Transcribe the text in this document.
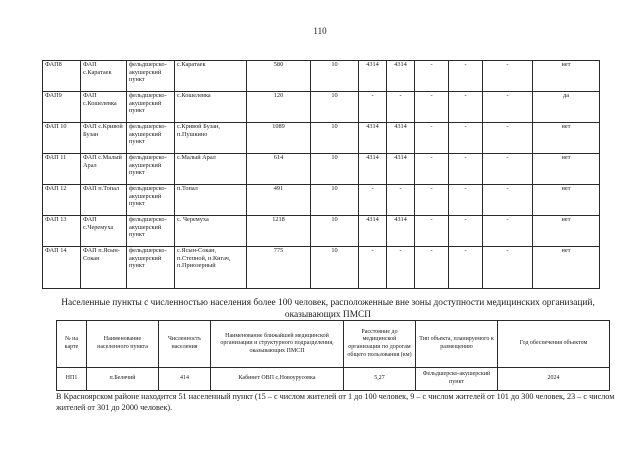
110
ФАП8	ФАП с.Каратаек	фельдшерско-акушерский пункт	с.Каратаек	580	10	4314	4314	-	-	-	нет
ФАП9	ФАП с.Кошелевка	фельдшерско-акушерский пункт	с.Кошелевка	120	10	-	-	-	-	-	да
ФАП 10	ФАП с.Кривой Бузан	фельдшерско-акушерский пункт	с.Кривой Бузан, п.Пушкино	1089	10	4314	4314	-	-	-	нет
ФАП 11	ФАП с.Малый Арал	фельдшерско-акушерский пункт	с.Малый Арал	614	10	4314	4314	-	-	-	нет
ФАП 12	ФАП п.Топал	фельдшерско-акушерский пункт	п.Топал	491	10	-	-	-	-	-	нет
ФАП 13	ФАП с.Черемуха	фельдшерско-акушерский пункт	с. Черемуха	1218	10	4314	4314	-	-	-	нет
ФАП 14	ФАП п.Ясын-Сокан	фельдшерско-акушерский пункт	с.Ясын-Сокан, п.Степной, п.Кигач, п.Приозерный	775	10	-	-	-	-	-	нет
Населенные пункты с численностью населения более 100 человек, расположенные вне зоны доступности медицинских организаций, оказывающих ПМСП
№ на карте	Наименование населенного пункта	Численность населения	Наименование ближайшей медицинской организации и структурного подразделения, оказывающих ПМСП	Расстояние до медицинской организации по дорогам общего пользования (км)	Тип объекта, планируемого к размещению	Год обеспечения объектом
НП1	п.Белячий	414	Кабинет ОВП с.Новоурусовка	5,27	Фельдшерско-акушерский пункт	2024
В Красноярском районе находится 51 населенный пункт (15 – с числом жителей от 1 до 100 человек, 9 – с числом жителей от 101 до 300 человек, 23 – с числом жителей от 301 до 2000 человек).
